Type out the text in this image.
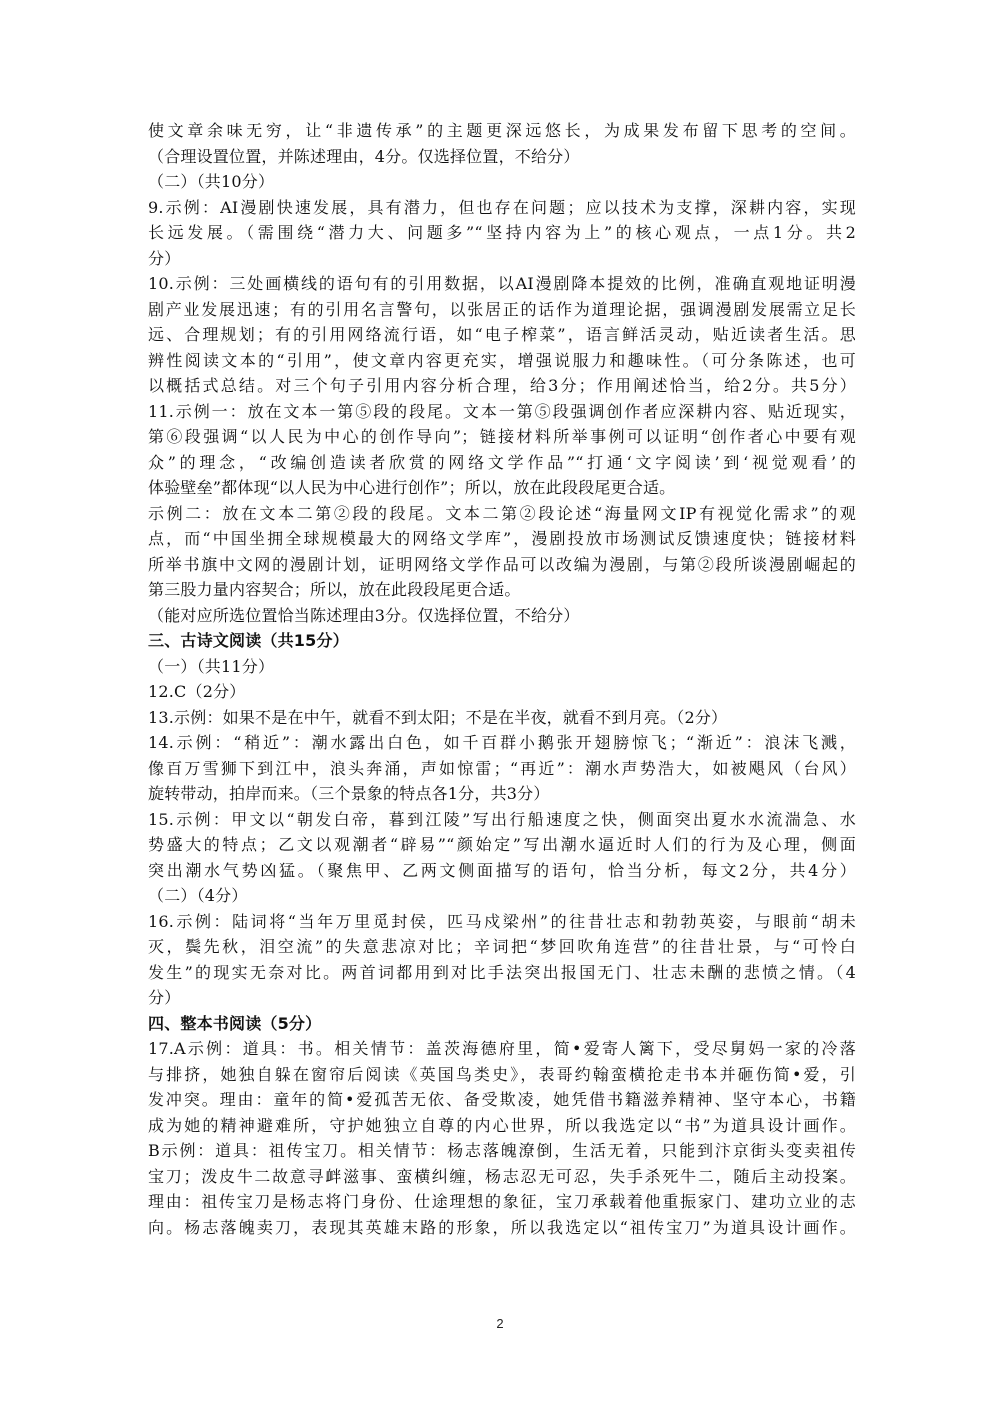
使文章余味无穷，让“非遗传承”的主题更深远悠长，为成果发布留下思考的空间。
（合理设置位置，并陈述理由，4分。仅选择位置，不给分）
（二）（共10分）
9.示例：AI漫剧快速发展，具有潜力，但也存在问题；应以技术为支撑，深耕内容，实现
长远发展。（需围绕“潜力大、问题多”“坚持内容为上”的核心观点，一点1分。共2
分）
10.示例：三处画横线的语句有的引用数据，以AI漫剧降本提效的比例，准确直观地证明漫
剧产业发展迅速；有的引用名言警句，以张居正的话作为道理论据，强调漫剧发展需立足长
远、合理规划；有的引用网络流行语，如“电子榨菜”，语言鲜活灵动，贴近读者生活。思
辨性阅读文本的“引用”，使文章内容更充实，增强说服力和趣味性。（可分条陈述，也可
以概括式总结。对三个句子引用内容分析合理，给3分；作用阐述恰当，给2分。共5分）
11.示例一：放在文本一第⑤段的段尾。文本一第⑤段强调创作者应深耕内容、贴近现实，
第⑥段强调“以人民为中心的创作导向”；链接材料所举事例可以证明“创作者心中要有观
众”的理念，“改编创造读者欣赏的网络文学作品”“打通‘文字阅读’到‘视觉观看’的
体验壁垒”都体现“以人民为中心进行创作”；所以，放在此段段尾更合适。
示例二：放在文本二第②段的段尾。文本二第②段论述“海量网文IP有视觉化需求”的观
点，而“中国坐拥全球规模最大的网络文学库”，漫剧投放市场测试反馈速度快；链接材料
所举书旗中文网的漫剧计划，证明网络文学作品可以改编为漫剧，与第②段所谈漫剧崛起的
第三股力量内容契合；所以，放在此段段尾更合适。
（能对应所选位置恰当陈述理由3分。仅选择位置，不给分）
三、古诗文阅读（共15分）
（一）（共11分）
12.C（2分）
13.示例：如果不是在中午，就看不到太阳；不是在半夜，就看不到月亮。（2分）
14.示例：“稍近”：潮水露出白色，如千百群小鹅张开翅膀惊飞；“渐近”：浪沫飞溅，
像百万雪狮下到江中，浪头奔涌，声如惊雷；“再近”：潮水声势浩大，如被飓风（台风）
旋转带动，拍岸而来。（三个景象的特点各1分，共3分）
15.示例：甲文以“朝发白帝，暮到江陵”写出行船速度之快，侧面突出夏水水流湍急、水
势盛大的特点；乙文以观潮者“辟易”“颜始定”写出潮水逼近时人们的行为及心理，侧面
突出潮水气势凶猛。（聚焦甲、乙两文侧面描写的语句，恰当分析，每文2分，共4分）
（二）（4分）
16.示例：陆词将“当年万里觅封侯，匹马戍梁州”的往昔壮志和勃勃英姿，与眼前“胡未
灭，鬓先秋，泪空流”的失意悲凉对比；辛词把“梦回吹角连营”的往昔壮景，与“可怜白
发生”的现实无奈对比。两首词都用到对比手法突出报国无门、壮志未酬的悲愤之情。（4
分）
四、整本书阅读（5分）
17.A示例：道具：书。相关情节：盖茨海德府里，简•爱寄人篱下，受尽舅妈一家的冷落
与排挤，她独自躲在窗帘后阅读《英国鸟类史》，表哥约翰蛮横抢走书本并砸伤简•爱，引
发冲突。理由：童年的简•爱孤苦无依、备受欺凌，她凭借书籍滋养精神、坚守本心，书籍
成为她的精神避难所，守护她独立自尊的内心世界，所以我选定以“书”为道具设计画作。
B示例：道具：祖传宝刀。相关情节：杨志落魄潦倒，生活无着，只能到汴京街头变卖祖传
宝刀；泼皮牛二故意寻衅滋事、蛮横纠缠，杨志忍无可忍，失手杀死牛二，随后主动投案。
理由：祖传宝刀是杨志将门身份、仕途理想的象征，宝刀承载着他重振家门、建功立业的志
向。杨志落魄卖刀，表现其英雄末路的形象，所以我选定以“祖传宝刀”为道具设计画作。
2
